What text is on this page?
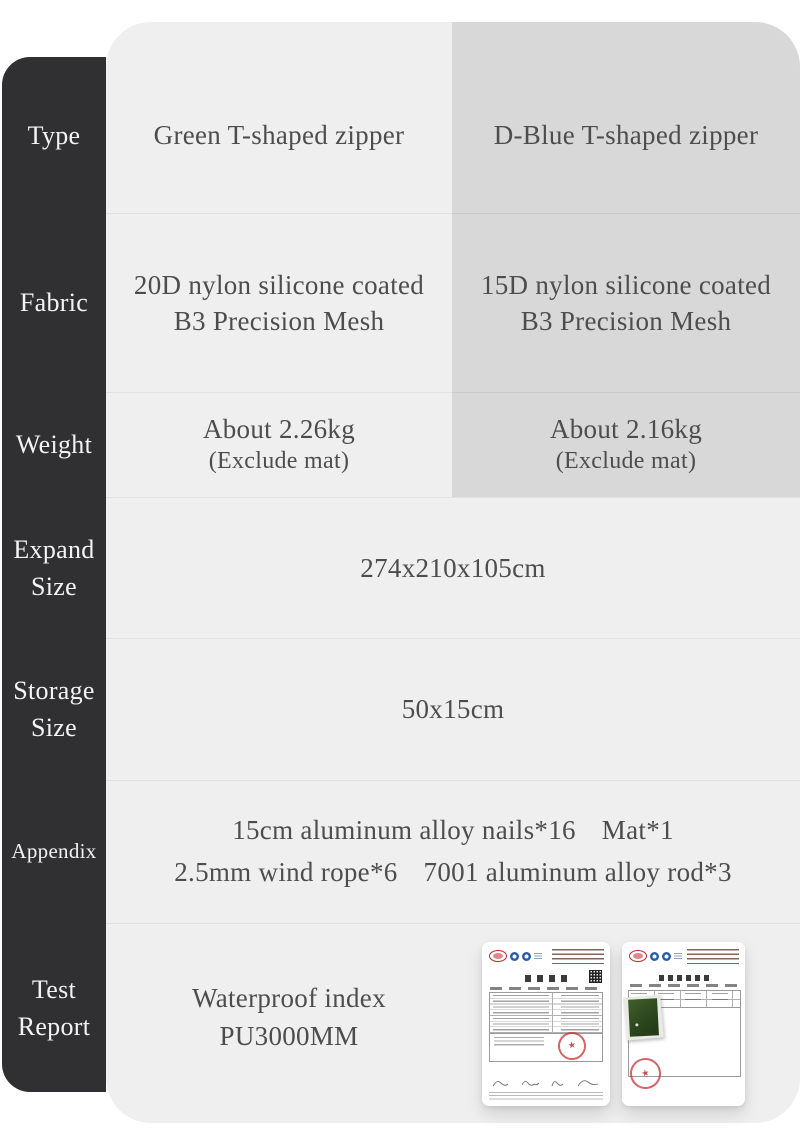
Type
Fabric
Weight
Expand
Size
Storage
Size
Appendix
Test
Report
Green T-shaped zipper	D-Blue T-shaped zipper
20D nylon silicone coated
B3 Precision Mesh
15D nylon silicone coated
B3 Precision Mesh
About 2.26kg
(Exclude mat)
About 2.16kg
(Exclude mat)
274x210x105cm
50x15cm
15cm aluminum alloy nails*16 Mat*1
2.5mm wind rope*6 7001 aluminum alloy rod*3
Waterproof index
PU3000MM
★
★
